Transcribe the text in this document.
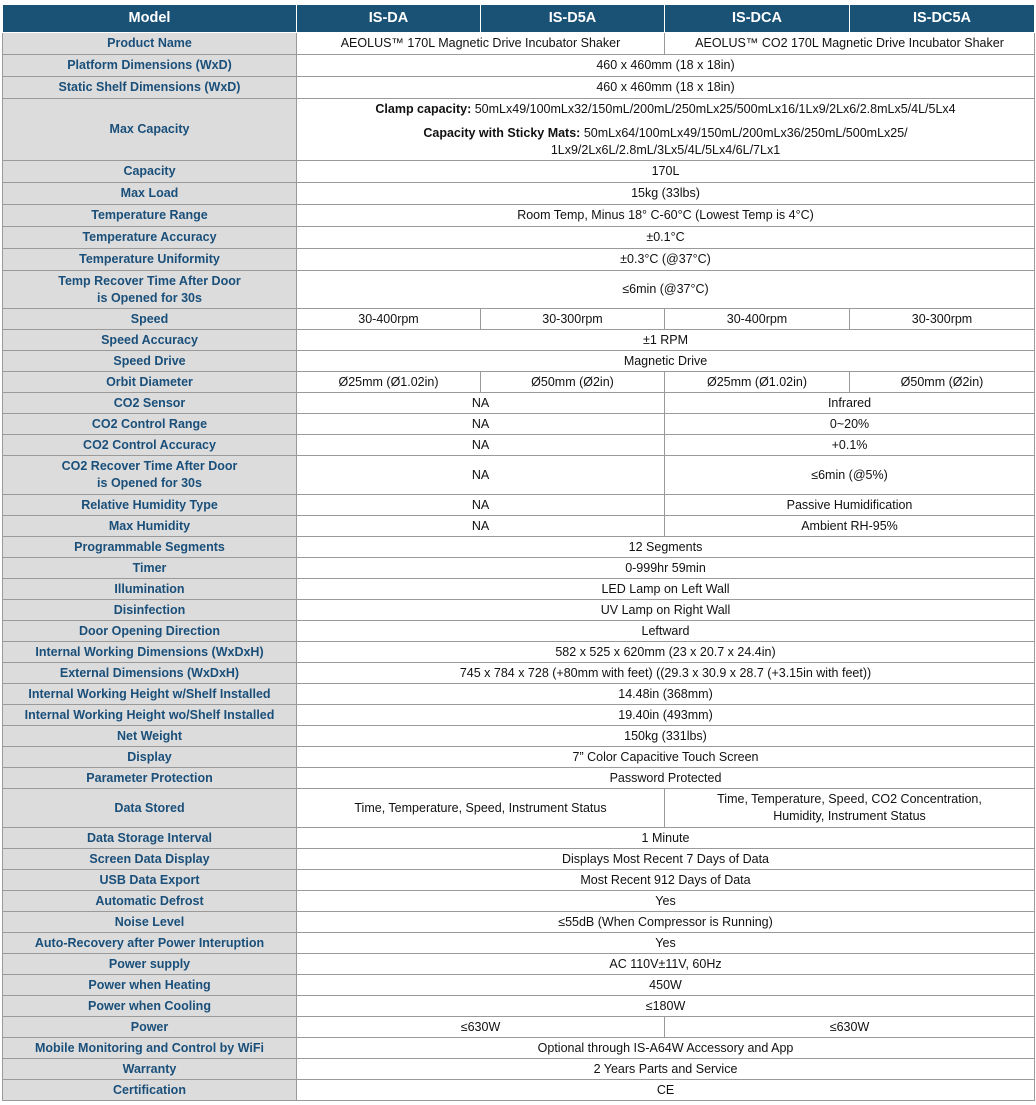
Model	IS-DA	IS-D5A	IS-DCA	IS-DC5A
Product Name	AEOLUS™ 170L Magnetic Drive Incubator Shaker		AEOLUS™ CO2 170L Magnetic Drive Incubator Shaker	
Platform Dimensions (WxD)	460 x 460mm (18 x 18in)			
Static Shelf Dimensions (WxD)	460 x 460mm (18 x 18in)			
Max Capacity	Clamp capacity: 50mLx49/100mLx32/150mL/200mL/250mLx25/500mLx16/1Lx9/2Lx6/2.8mLx5/4L/5Lx4
Capacity with Sticky Mats: 50mLx64/100mLx49/150mL/200mLx36/250mL/500mLx25/
1Lx9/2Lx6L/2.8mL/3Lx5/4L/5Lx4/6L/7Lx1			

Capacity	170L			
Max Load	15kg (33lbs)			
Temperature Range	Room Temp, Minus 18° C-60°C (Lowest Temp is 4°C)			
Temperature Accuracy	±0.1°C			
Temperature Uniformity	±0.3°C (@37°C)			

Temp Recover Time After Door
is Opened for 30s	≤6min (@37°C)			
Speed	30-400rpm	30-300rpm	30-400rpm	30-300rpm
Speed Accuracy	±1 RPM			
Speed Drive	Magnetic Drive			
Orbit Diameter	Ø25mm (Ø1.02in)	Ø50mm (Ø2in)	Ø25mm (Ø1.02in)	Ø50mm (Ø2in)
CO2 Sensor	NA		Infrared	
CO2 Control Range	NA		0~20%	
CO2 Control Accuracy	NA		+0.1%	

CO2 Recover Time After Door
is Opened for 30s	NA		≤6min (@5%)	
Relative Humidity Type	NA		Passive Humidification	
Max Humidity	NA		Ambient RH-95%	
Programmable Segments	12 Segments			
Timer	0-999hr 59min			
Illumination	LED Lamp on Left Wall			
Disinfection	UV Lamp on Right Wall			
Door Opening Direction	Leftward			
Internal Working Dimensions (WxDxH)	582 x 525 x 620mm (23 x 20.7 x 24.4in)			
External Dimensions (WxDxH)	745 x 784 x 728 (+80mm with feet) ((29.3 x 30.9 x 28.7 (+3.15in with feet))			
Internal Working Height w/Shelf Installed	14.48in (368mm)			
Internal Working Height wo/Shelf Installed	19.40in (493mm)			
Net Weight	150kg (331lbs)			
Display	7” Color Capacitive Touch Screen			
Parameter Protection	Password Protected			
Data Stored	Time, Temperature, Speed, Instrument Status		Time, Temperature, Speed, CO2 Concentration,
Humidity, Instrument Status	

Data Storage Interval	1 Minute			
Screen Data Display	Displays Most Recent 7 Days of Data			
USB Data Export	Most Recent 912 Days of Data			
Automatic Defrost	Yes			
Noise Level	≤55dB (When Compressor is Running)			
Auto-Recovery after Power Interuption	Yes			
Power supply	AC 110V±11V, 60Hz			
Power when Heating	450W			
Power when Cooling	≤180W			
Power	≤630W		≤630W	
Mobile Monitoring and Control by WiFi	Optional through IS-A64W Accessory and App			
Warranty	2 Years Parts and Service			
Certification	CE			
